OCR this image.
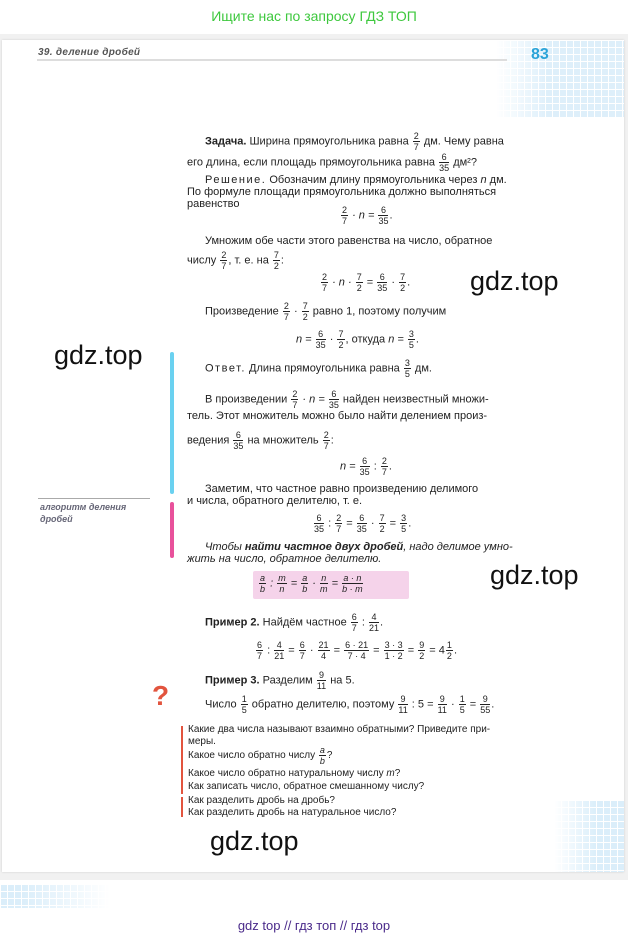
Ищите нас по запросу ГДЗ ТОП
39. деление дробей	83
Задача. Ширина прямоугольника равна $\frac{2}{7}$ дм. Чему равна
его длина, если площадь прямоугольника равна $\frac{6}{35} дм^2$?
Решение. Обозначим длину прямоугольника через n дм.
По формуле площади прямоугольника должно выполняться
равенство
$\frac{2}{7} \cdot n = \frac{6}{35}$ .
Умножим обе части этого равенства на число, обратное
числу $\frac{2}{7}$ , т. е. на $\frac{7}{2}$ :
$\frac{2}{7} \cdot n \cdot \frac{7}{2} = \frac{6}{35} \cdot \frac{7}{2}$ .
Произведение $\frac{2}{7} \cdot \frac{7}{2}$ равно 1, поэтому получим
$n = \frac{6}{35} \cdot \frac{7}{2}$ , откуда $n = \frac{3}{5}$ .
Ответ. Длина прямоугольника равна $\frac{3}{5}$ дм.
В произведении $\frac{2}{7} \cdot n = \frac{6}{35}$ найден неизвестный множи-
тель. Этот множитель можно было найти делением произ-
ведения $\frac{6}{35}$ на множитель $\frac{2}{7}$ :
$n = \frac{6}{35}$ : $\frac{2}{7}$ .
Заметим, что частное равно произведению делимого
и числа, обратного делителю, т. е.
$\frac{6}{35}$ : $\frac{2}{7} = \frac{6}{35} \cdot \frac{7}{2} = \frac{3}{5}$ .
алгоритм деления
дробей
Чтобы найти частное двух дробей, надо делимое умно-
жить на число, обратное делителю.
$\frac{a}{b}$ : $\frac{m}{n} = \frac{a}{b} \cdot \frac{n}{m} = \frac{a \cdot n}{b \cdot m}$
Пример 2. Найдём частное $\frac{6}{7}$ : $\frac{4}{21}$ .
$\frac{6}{7}$ : $\frac{4}{21} = \frac{6}{7} \cdot \frac{21}{4} = \frac{6 \cdot 21}{7 \cdot 4} = \frac{3 \cdot 3}{1 \cdot 2} = \frac{9}{2} = 4 \frac{1}{2}$ .
Пример 3. Разделим $\frac{9}{11}$ на 5.
Число $\frac{1}{5}$ обратно делителю, поэтому $\frac{9}{11}$ : $5 = \frac{9}{11} \cdot \frac{1}{5} = \frac{9}{55}$ .
?
Какие два числа называют взаимно обратными? Приведите при-
меры.
Какое число обратно числу $\frac{a}{b}$ ?
Какое число обратно натуральному числу m?
Как записать число, обратное смешанному числу?
Как разделить дробь на дробь?
Как разделить дробь на натуральное число?
gdz.top
gdz.top
gdz.top
gdz.top
gdz top // гдз топ // гдз top
